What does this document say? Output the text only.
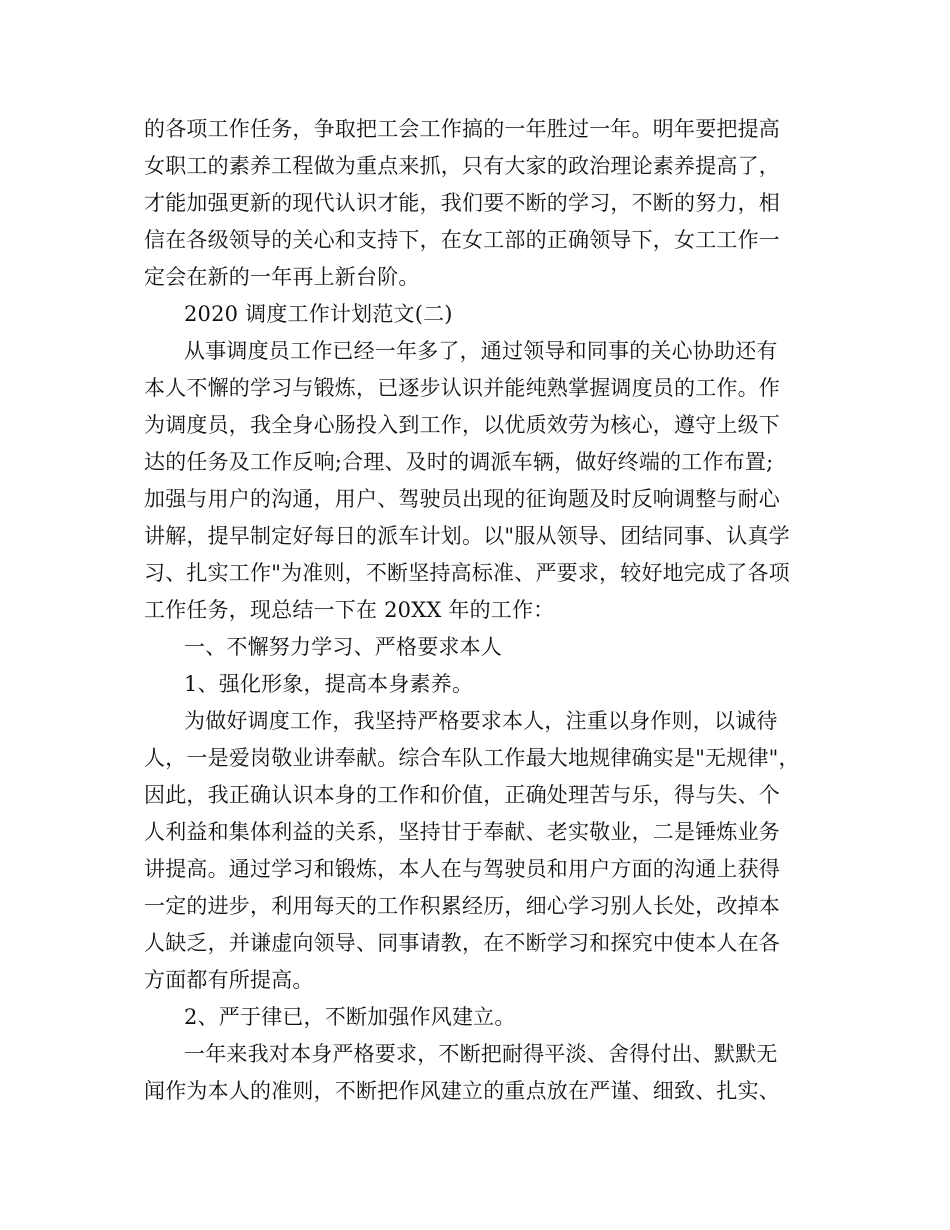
的各项工作任务，争取把工会工作搞的一年胜过一年。明年要把提高
女职工的素养工程做为重点来抓，只有大家的政治理论素养提高了，
才能加强更新的现代认识才能，我们要不断的学习，不断的努力，相
信在各级领导的关心和支持下，在女工部的正确领导下，女工工作一
定会在新的一年再上新台阶。
2020 调度工作计划范文(二)
从事调度员工作已经一年多了，通过领导和同事的关心协助还有
本人不懈的学习与锻炼，已逐步认识并能纯熟掌握调度员的工作。作
为调度员，我全身心肠投入到工作，以优质效劳为核心，遵守上级下
达的任务及工作反响;合理、及时的调派车辆，做好终端的工作布置;
加强与用户的沟通，用户、驾驶员出现的征询题及时反响调整与耐心
讲解，提早制定好每日的派车计划。以"服从领导、团结同事、认真学
习、扎实工作"为准则，不断坚持高标准、严要求，较好地完成了各项
工作任务，现总结一下在 20XX 年的工作：
一、不懈努力学习、严格要求本人
1、强化形象，提高本身素养。
为做好调度工作，我坚持严格要求本人，注重以身作则，以诚待
人，一是爱岗敬业讲奉献。综合车队工作最大地规律确实是"无规律"，
因此，我正确认识本身的工作和价值，正确处理苦与乐，得与失、个
人利益和集体利益的关系，坚持甘于奉献、老实敬业，二是锤炼业务
讲提高。通过学习和锻炼，本人在与驾驶员和用户方面的沟通上获得
一定的进步，利用每天的工作积累经历，细心学习别人长处，改掉本
人缺乏，并谦虚向领导、同事请教，在不断学习和探究中使本人在各
方面都有所提高。
2、严于律已，不断加强作风建立。
一年来我对本身严格要求，不断把耐得平淡、舍得付出、默默无
闻作为本人的准则，不断把作风建立的重点放在严谨、细致、扎实、
